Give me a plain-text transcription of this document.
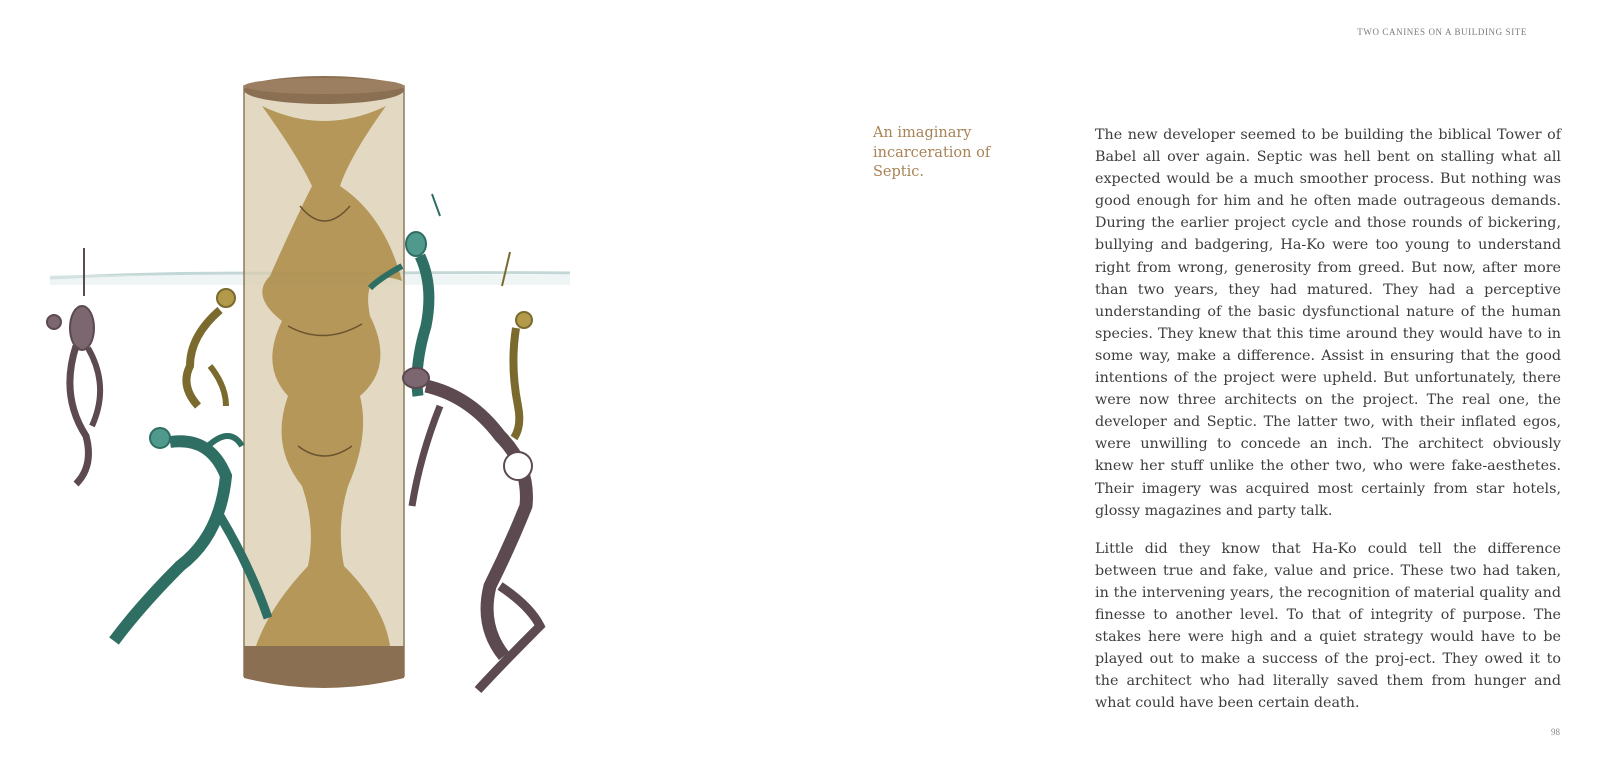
TWO CANINES ON A BUILDING SITE
An imaginary incarceration of Septic.

The new developer seemed to be building the biblical Tower of Babel all over again. Septic was hell bent on stalling what all expected would be a much smoother process. But nothing was good enough for him and he often made outrageous demands. During the earlier project cycle and those rounds of bickering, bullying and badgering, Ha-Ko were too young to understand right from wrong, generosity from greed. But now, after more than two years, they had matured. They had a perceptive understanding of the basic dysfunctional nature of the human species. They knew that this time around they would have to in some way, make a difference. Assist in ensuring that the good intentions of the project were upheld. But unfortunately, there were now three architects on the project. The real one, the developer and Septic. The latter two, with their inflated egos, were unwilling to concede an inch. The architect obviously knew her stuff unlike the other two, who were fake-aesthetes. Their imagery was acquired most certainly from star hotels, glossy magazines and party talk.

Little did they know that Ha-Ko could tell the difference between true and fake, value and price. These two had taken, in the intervening years, the recognition of material quality and finesse to another level. To that of integrity of purpose. The stakes here were high and a quiet strategy would have to be played out to make a success of the proj-ect. They owed it to the architect who had literally saved them from hunger and what could have been certain death.

98
